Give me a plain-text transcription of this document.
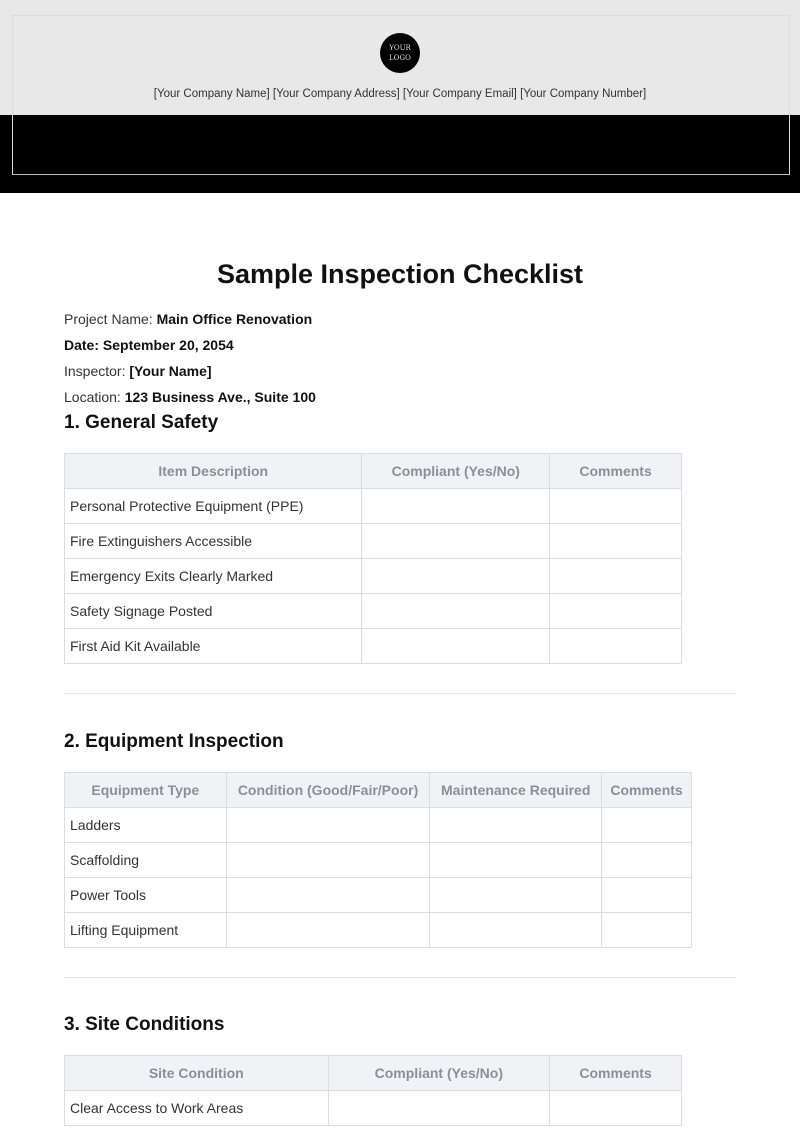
YOUR
LOGO
[Your Company Name] [Your Company Address] [Your Company Email] [Your Company Number]
Sample Inspection Checklist
Project Name: Main Office Renovation
Date: September 20, 2054
Inspector: [Your Name]
Location: 123 Business Ave., Suite 100
1. General Safety
Item Description	Compliant (Yes/No)	Comments
Personal Protective Equipment (PPE)		
Fire Extinguishers Accessible		
Emergency Exits Clearly Marked		
Safety Signage Posted		
First Aid Kit Available		
2. Equipment Inspection
Equipment Type	Condition (Good/Fair/Poor)	Maintenance Required	Comments
Ladders			
Scaffolding			
Power Tools			
Lifting Equipment			
3. Site Conditions
Site Condition	Compliant (Yes/No)	Comments
Clear Access to Work Areas		
